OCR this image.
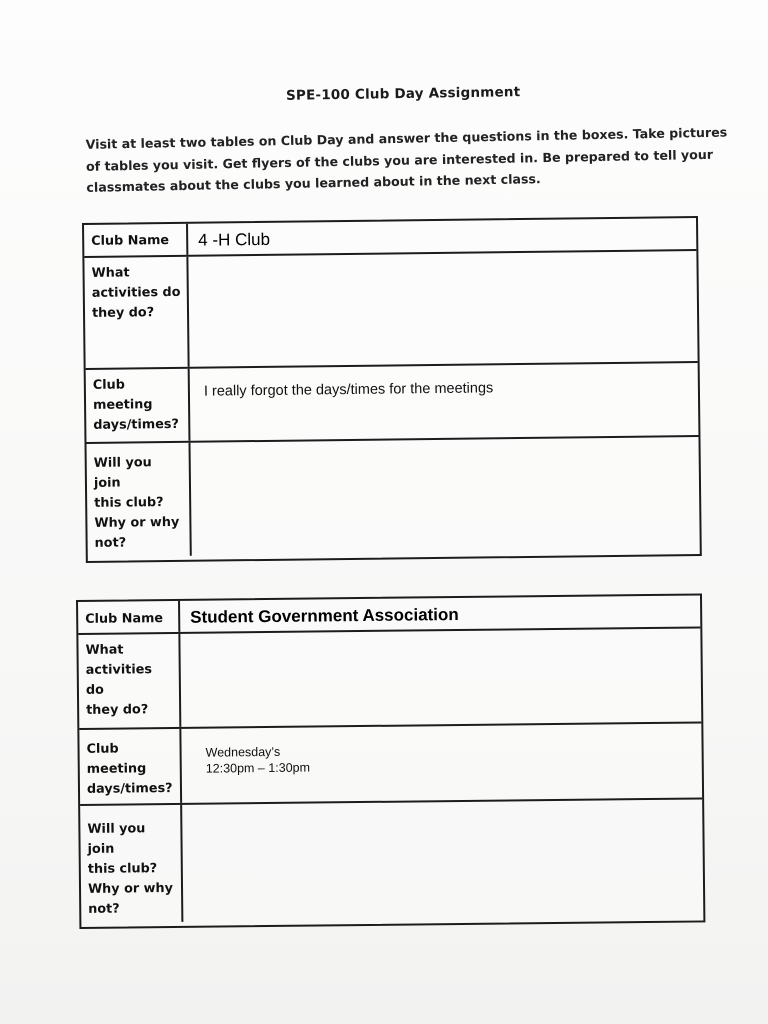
SPE-100 Club Day Assignment
Visit at least two tables on Club Day and answer the questions in the boxes. Take pictures
of tables you visit. Get flyers of the clubs you are interested in. Be prepared to tell your
classmates about the clubs you learned about in the next class.
Club Name	4 -H Club
What
activities do
they do?
Club
meeting
days/times?
I really forgot the days/times for the meetings
Will you join
this club?
Why or why
not?
Club Name	Student Government Association
What
activities do
they do?
Club
meeting
days/times?
Wednesday’s
12:30pm – 1:30pm
Will you join
this club?
Why or why
not?
